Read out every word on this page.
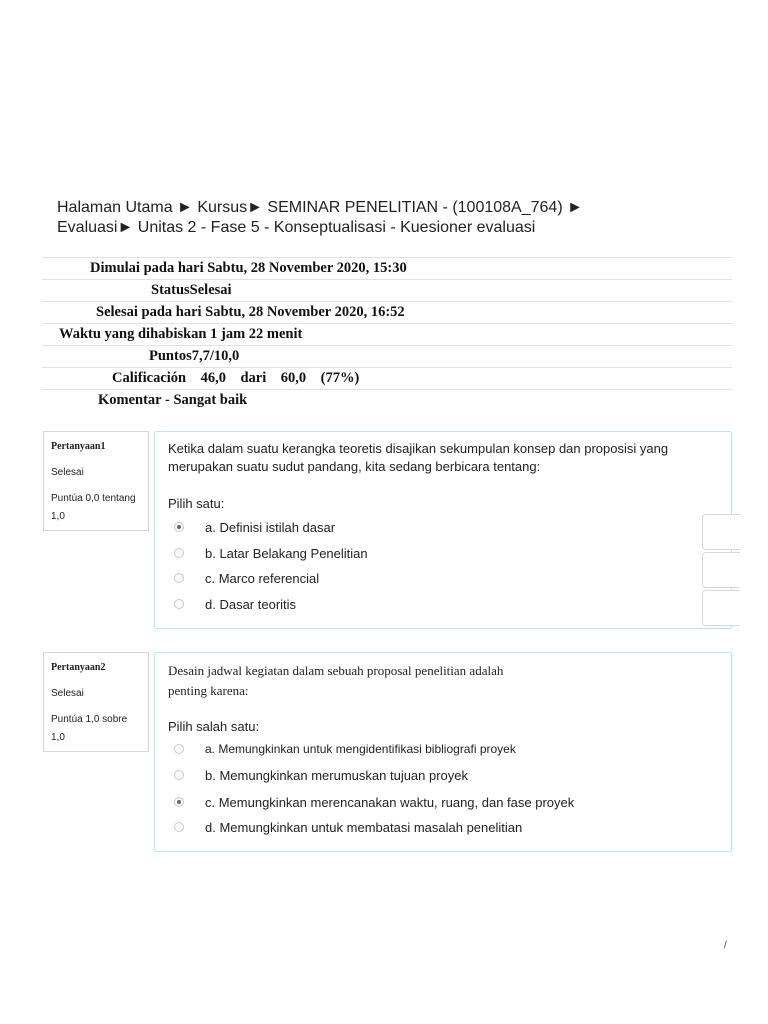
Halaman Utama ► Kursus► SEMINAR PENELITIAN - (100108A_764) ►
Evaluasi► Unitas 2 - Fase 5 - Konseptualisasi - Kuesioner evaluasi
Dimulai pada hari Sabtu, 28 November 2020, 15:30
StatusSelesai
Selesai pada hari Sabtu, 28 November 2020, 16:52
Waktu yang dihabiskan 1 jam 22 menit
Puntos7,7/10,0
Calificación    46,0    dari    60,0    (77%)
Komentar - Sangat baik
Pertanyaan1
Selesai
Puntúa 0,0 tentang
1,0
Ketika dalam suatu kerangka teoretis disajikan sekumpulan konsep dan proposisi yang merupakan suatu sudut pandang, kita sedang berbicara tentang:
Pilih satu:
a. Definisi istilah dasar
b. Latar Belakang Penelitian
c. Marco referencial
d. Dasar teoritis
Pertanyaan2
Selesai
Puntúa 1,0 sobre
1,0
Desain jadwal kegiatan dalam sebuah proposal penelitian adalah
penting karena:
Pilih salah satu:
a. Memungkinkan untuk mengidentifikasi bibliografi proyek
b. Memungkinkan merumuskan tujuan proyek
c. Memungkinkan merencanakan waktu, ruang, dan fase proyek
d. Memungkinkan untuk membatasi masalah penelitian
/
